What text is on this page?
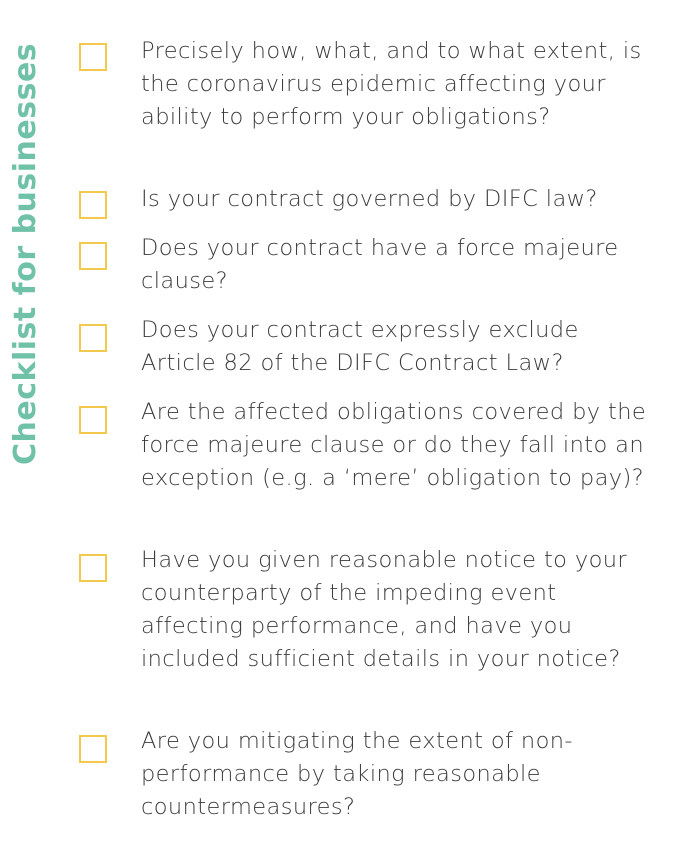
Checklist for businesses	Precisely how, what, and to what extent, is the coronavirus epidemic affecting your ability to perform your obligations?

Is your contract governed by DIFC law?

Does your contract have a force majeure clause?

Does your contract expressly exclude Article 82 of the DIFC Contract Law?

Are the affected obligations covered by the force majeure clause or do they fall into an exception (e.g. a ‘mere’ obligation to pay)?

Have you given reasonable notice to your counterparty of the impeding event affecting performance, and have you included sufficient details in your notice?

Are you mitigating the extent of non-performance by taking reasonable countermeasures?
